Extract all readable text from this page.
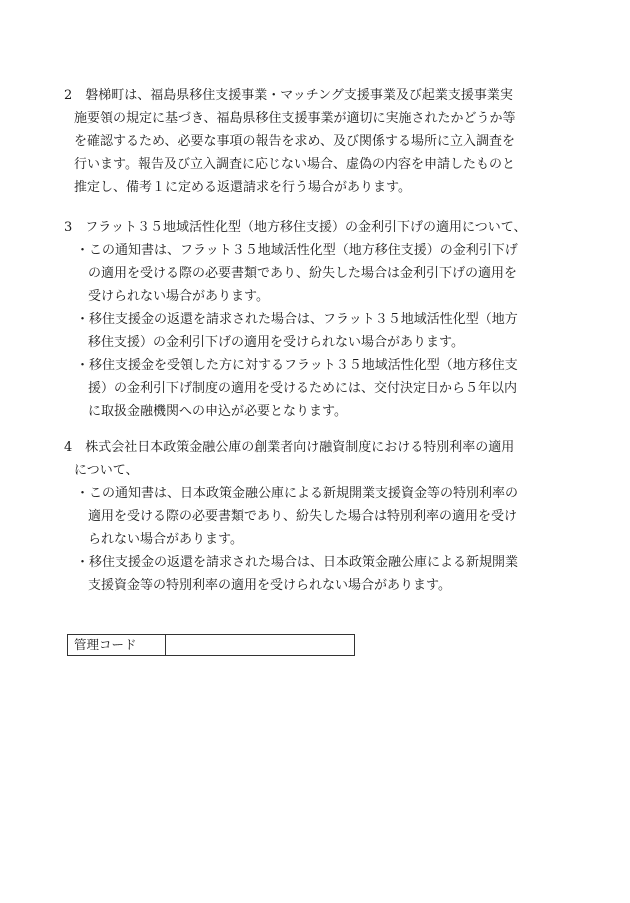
2　磐梯町は、福島県移住支援事業・マッチング支援事業及び起業支援事業実
施要領の規定に基づき、福島県移住支援事業が適切に実施されたかどうか等
を確認するため、必要な事項の報告を求め、及び関係する場所に立入調査を
行います。報告及び立入調査に応じない場合、虚偽の内容を申請したものと
推定し、備考１に定める返還請求を行う場合があります。
3　フラット３５地域活性化型（地方移住支援）の金利引下げの適用について、
・この通知書は、フラット３５地域活性化型（地方移住支援）の金利引下げ
の適用を受ける際の必要書類であり、紛失した場合は金利引下げの適用を
受けられない場合があります。
・移住支援金の返還を請求された場合は、フラット３５地域活性化型（地方
移住支援）の金利引下げの適用を受けられない場合があります。
・移住支援金を受領した方に対するフラット３５地域活性化型（地方移住支
援）の金利引下げ制度の適用を受けるためには、交付決定日から５年以内
に取扱金融機関への申込が必要となります。
4　株式会社日本政策金融公庫の創業者向け融資制度における特別利率の適用
について、
・この通知書は、日本政策金融公庫による新規開業支援資金等の特別利率の
適用を受ける際の必要書類であり、紛失した場合は特別利率の適用を受け
られない場合があります。
・移住支援金の返還を請求された場合は、日本政策金融公庫による新規開業
支援資金等の特別利率の適用を受けられない場合があります。
管理コード
